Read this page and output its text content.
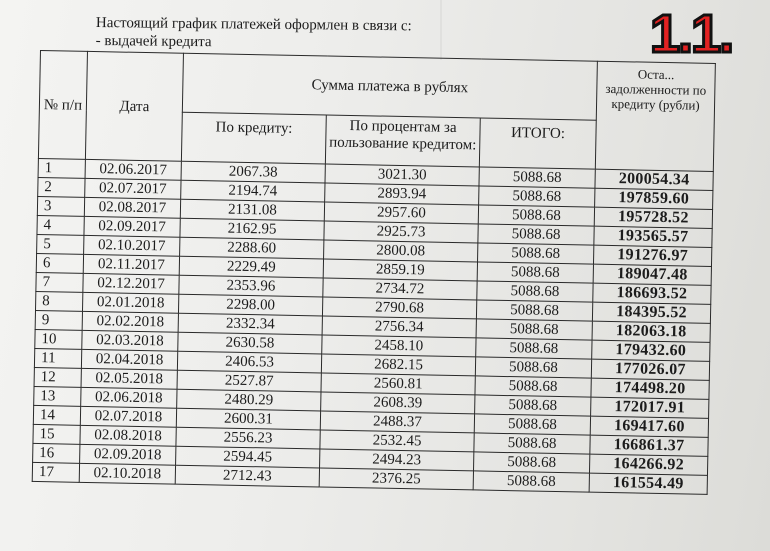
Настоящий график платежей оформлен в связи с:
- выдачей кредита	1.1.
№ п/п	Дата	Сумма платежа в рублях			Оста... задолженности по кредиту (рубли)
		По кредиту:	По процентам за пользование кредитом:	ИТОГО:	
1	02.06.2017	2067.38	3021.30	5088.68	200054.34
2	02.07.2017	2194.74	2893.94	5088.68	197859.60
3	02.08.2017	2131.08	2957.60	5088.68	195728.52
4	02.09.2017	2162.95	2925.73	5088.68	193565.57
5	02.10.2017	2288.60	2800.08	5088.68	191276.97
6	02.11.2017	2229.49	2859.19	5088.68	189047.48
7	02.12.2017	2353.96	2734.72	5088.68	186693.52
8	02.01.2018	2298.00	2790.68	5088.68	184395.52
9	02.02.2018	2332.34	2756.34	5088.68	182063.18
10	02.03.2018	2630.58	2458.10	5088.68	179432.60
11	02.04.2018	2406.53	2682.15	5088.68	177026.07
12	02.05.2018	2527.87	2560.81	5088.68	174498.20
13	02.06.2018	2480.29	2608.39	5088.68	172017.91
14	02.07.2018	2600.31	2488.37	5088.68	169417.60
15	02.08.2018	2556.23	2532.45	5088.68	166861.37
16	02.09.2018	2594.45	2494.23	5088.68	164266.92
17	02.10.2018	2712.43	2376.25	5088.68	161554.49
